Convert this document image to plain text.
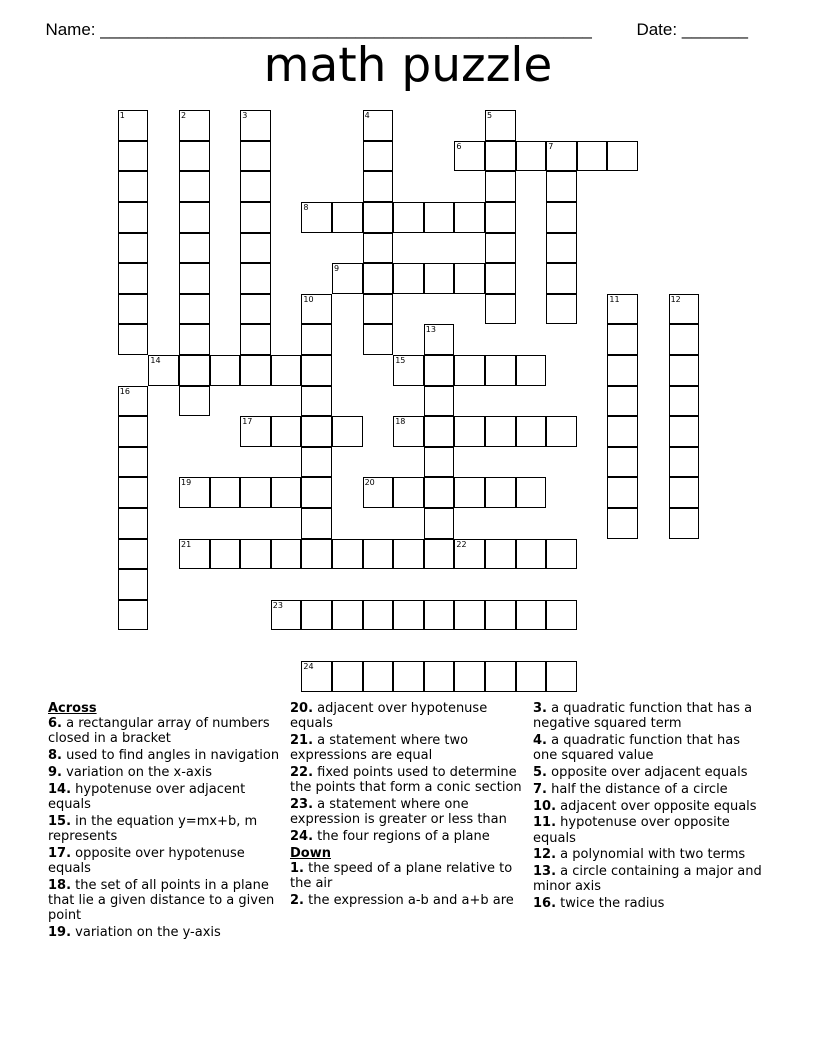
Name: ____________________________________________________	Date: _______

math puzzle
1	2	3	4	5
6	7
8
9
10	11	12
13
14	15
16
17	18
19	20
21	22
23
24
Across
6. a rectangular array of numbers closed in a bracket
8. used to find angles in navigation
9. variation on the x-axis
14. hypotenuse over adjacent equals
15. in the equation y=mx+b, m represents
17. opposite over hypotenuse equals
18. the set of all points in a plane that lie a given distance to a given point
19. variation on the y-axis
20. adjacent over hypotenuse equals
21. a statement where two expressions are equal
22. fixed points used to determine the points that form a conic section
23. a statement where one expression is greater or less than
24. the four regions of a plane
Down
1. the speed of a plane relative to the air
2. the expression a-b and a+b are
3. a quadratic function that has a negative squared term
4. a quadratic function that has one squared value
5. opposite over adjacent equals
7. half the distance of a circle
10. adjacent over opposite equals
11. hypotenuse over opposite equals
12. a polynomial with two terms
13. a circle containing a major and minor axis
16. twice the radius
